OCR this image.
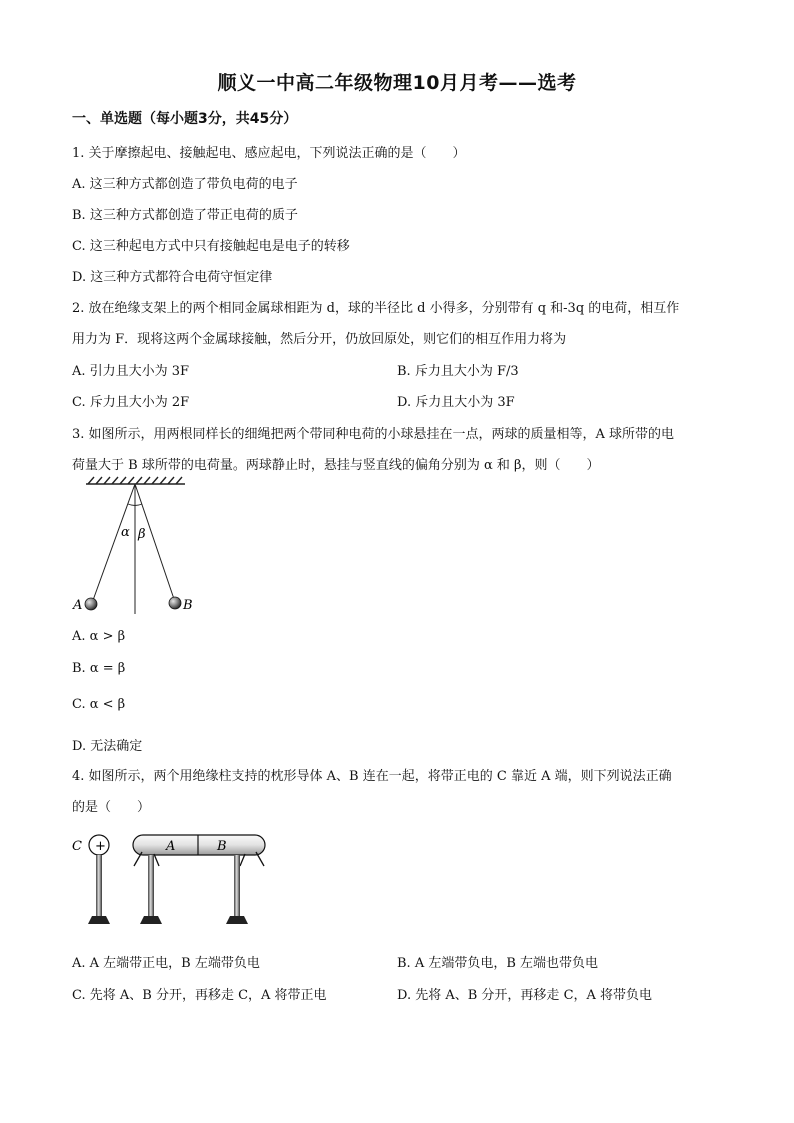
顺义一中高二年级物理10月月考——选考
一、单选题（每小题3分，共45分）
1. 关于摩擦起电、接触起电、感应起电，下列说法正确的是（　　）
A. 这三种方式都创造了带负电荷的电子
B. 这三种方式都创造了带正电荷的质子
C. 这三种起电方式中只有接触起电是电子的转移
D. 这三种方式都符合电荷守恒定律
2. 放在绝缘支架上的两个相同金属球相距为 d，球的半径比 d 小得多，分别带有 q 和-3q 的电荷，相互作
用力为 F．现将这两个金属球接触，然后分开，仍放回原处，则它们的相互作用力将为
A. 引力且大小为 3F	B. 斥力且大小为 F/3
C. 斥力且大小为 2F	D. 斥力且大小为 3F
3. 如图所示，用两根同样长的细绳把两个带同种电荷的小球悬挂在一点，两球的质量相等，A 球所带的电
荷量大于 B 球所带的电荷量。两球静止时，悬挂与竖直线的偏角分别为 α 和 β，则（　　）
α β
A	B
A. α > β
B. α = β
C. α < β
D. 无法确定
4. 如图所示，两个用绝缘柱支持的枕形导体 A、B 连在一起，将带正电的 C 靠近 A 端，则下列说法正确
的是（　　）
C +	A	B
A. A 左端带正电，B 左端带负电	B. A 左端带负电，B 左端也带负电
C. 先将 A、B 分开，再移走 C，A 将带正电	D. 先将 A、B 分开，再移走 C，A 将带负电
